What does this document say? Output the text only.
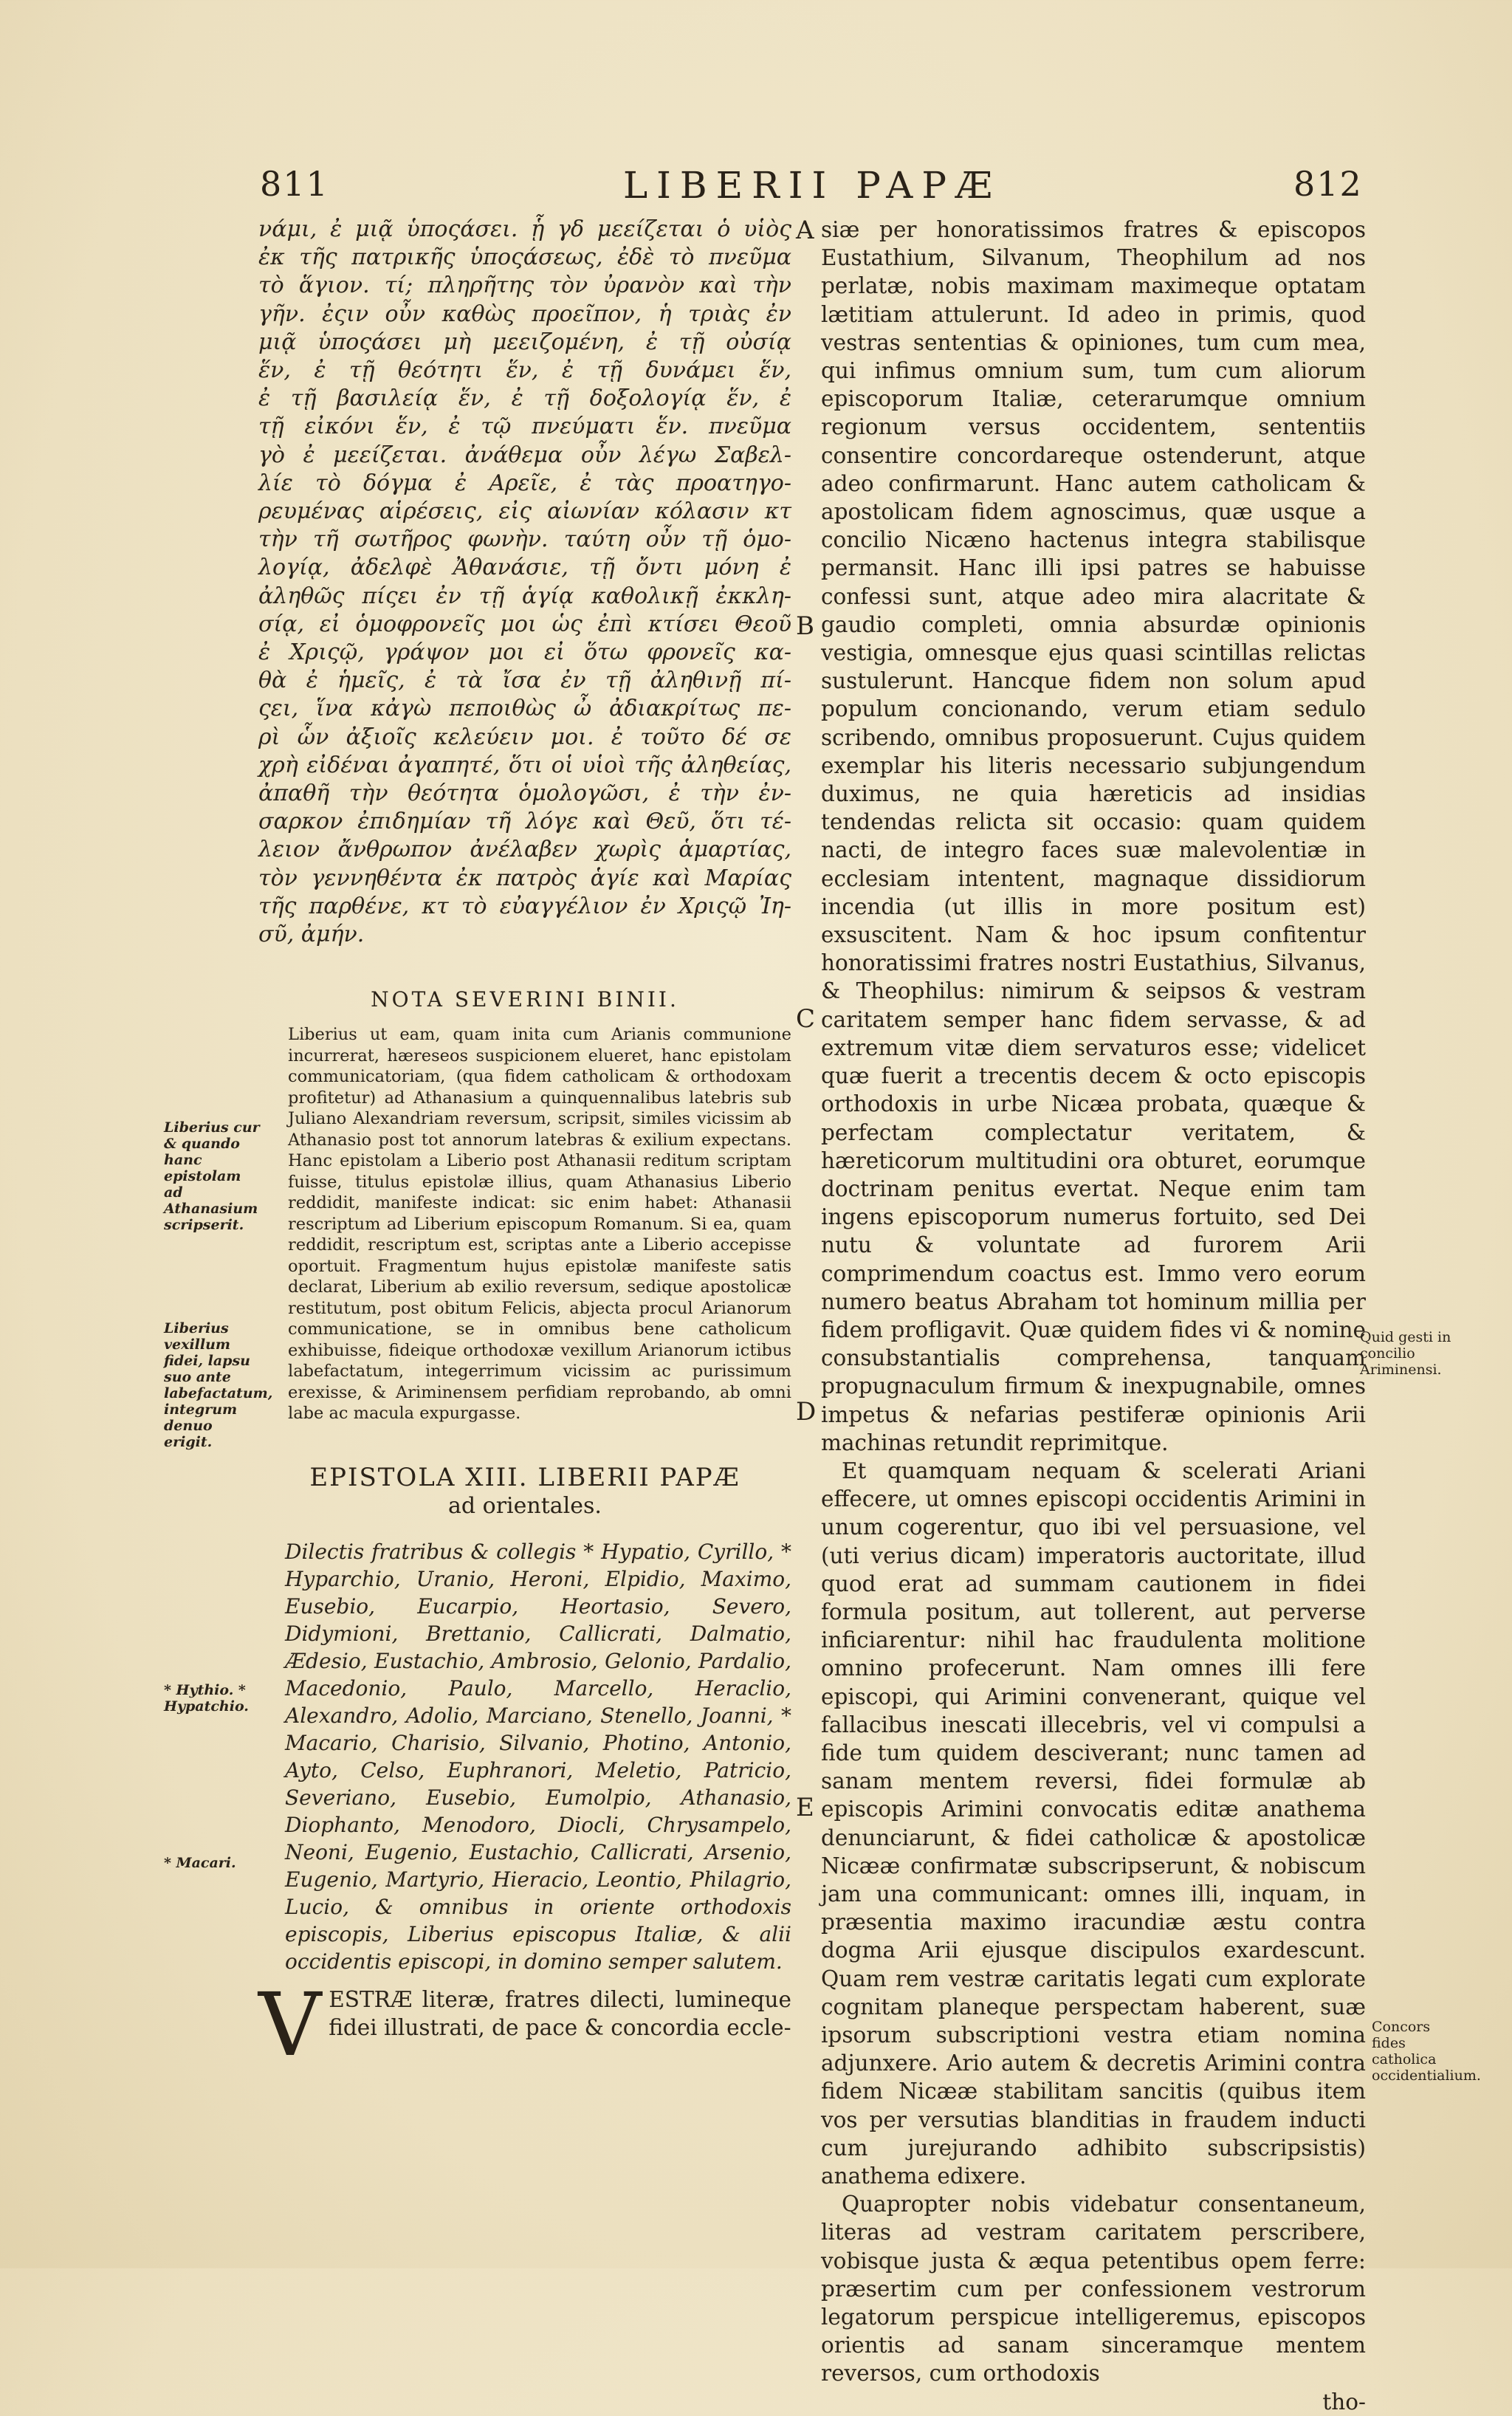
811	LIBERII PAPÆ	812
A
B
C
D
E
Liberius cur & quando hanc epistolam ad Athanasium scripserit.
Liberius vexillum fidei, lapsu suo ante labefactatum, integrum denuo erigit.
* Hythio. * Hypatchio.
* Macari.
Quid gesti in concilio Ariminensi.
Concors fides catholica occidentialium.

νάμι, ἐ μιᾷ ὑποςάσει. ᾗ γδ μεείζεται ὁ υἱὸς

ἐκ τῆς πατρικῆς ὑποςάσεως, ἐδὲ τὸ πνεῦμα

τὸ ἅγιον. τί; πληρῆτης τὸν ὐρανὸν καὶ τὴν

γῆν. ἐςιν οὖν καθὼς προεῖπον, ἡ τριὰς ἐν

μιᾷ ὑποςάσει μὴ μεειζομένη, ἐ τῇ οὐσίᾳ

ἕν, ἐ τῇ θεότητι ἕν, ἐ τῇ δυνάμει ἕν,

ἐ τῇ βασιλείᾳ ἕν, ἐ τῇ δοξολογίᾳ ἕν, ἐ

τῇ εἰκόνι ἕν, ἐ τῷ πνεύματι ἕν. πνεῦμα

γὸ ἐ μεείζεται. ἀνάθεμα οὖν λέγω Σαβελ-

λίε τὸ δόγμα ἐ Αρεῖε, ἐ τὰς προατηγο-

ρευμένας αἱρέσεις, εἰς αἰωνίαν κόλασιν κτ

τὴν τῆ σωτῆρος φωνὴν. ταύτη οὖν τῇ ὁμο-

λογίᾳ, ἀδελφὲ Ἀθανάσιε, τῇ ὄντι μόνη ἐ

ἀληθῶς πίςει ἐν τῇ ἁγίᾳ καθολικῇ ἐκκλη-

σίᾳ, εἰ ὁμοφρονεῖς μοι ὡς ἐπὶ κτίσει Θεοῦ

ἐ Χριςῷ, γράψον μοι εἰ ὅτω φρονεῖς κα-

θὰ ἐ ἡμεῖς, ἐ τὰ ἴσα ἐν τῇ ἀληθινῇ πί-

ςει, ἵνα κἀγὼ πεποιθὼς ὦ ἀδιακρίτως πε-

ρὶ ὧν ἀξιοῖς κελεύειν μοι. ἐ τοῦτο δέ σε

χρὴ εἰδέναι ἀγαπητέ, ὅτι οἱ υἱοὶ τῆς ἀληθείας,

ἀπαθῆ τὴν θεότητα ὁμολογῶσι, ἐ τὴν ἐν-

σαρκον ἐπιδημίαν τῆ λόγε καὶ Θεῦ, ὅτι τέ-

λειον ἄνθρωπον ἀνέλαβεν χωρὶς ἁμαρτίας,

τὸν γεννηθέντα ἐκ πατρὸς ἁγίε καὶ Μαρίας

τῆς παρθένε, κτ τὸ εὐαγγέλιον ἐν Χριςῷ Ἰη-

σῦ, ἀμήν.

NOTA SEVERINI BINII.

Liberius ut eam, quam inita cum Arianis communione incurrerat, hæreseos suspicionem elueret, hanc epistolam communicatoriam, (qua fidem catholicam & orthodoxam profitetur) ad Athanasium a quinquennalibus latebris sub Juliano Alexandriam reversum, scripsit, similes vicissim ab Athanasio post tot annorum latebras & exilium expectans. Hanc epistolam a Liberio post Athanasii reditum scriptam fuisse, titulus epistolæ illius, quam Athanasius Liberio reddidit, manifeste indicat: sic enim habet: Athanasii rescriptum ad Liberium episcopum Romanum. Si ea, quam reddidit, rescriptum est, scriptas ante a Liberio accepisse oportuit. Fragmentum hujus epistolæ manifeste satis declarat, Liberium ab exilio reversum, sedique apostolicæ restitutum, post obitum Felicis, abjecta procul Arianorum communicatione, se in omnibus bene catholicum exhibuisse, fideique orthodoxæ vexillum Arianorum ictibus labefactatum, integerrimum vicissim ac purissimum erexisse, & Ariminensem perfidiam reprobando, ab omni labe ac macula expurgasse.

EPISTOLA XIII. LIBERII PAPÆ
ad orientales.

Dilectis fratribus & collegis * Hypatio, Cyrillo, * Hyparchio, Uranio, Heroni, Elpidio, Maximo, Eusebio, Eucarpio, Heortasio, Severo, Didymioni, Brettanio, Callicrati, Dalmatio, Ædesio, Eustachio, Ambrosio, Gelonio, Pardalio, Macedonio, Paulo, Marcello, Heraclio, Alexandro, Adolio, Marciano, Stenello, Joanni, * Macario, Charisio, Silvanio, Photino, Antonio, Ayto, Celso, Euphranori, Meletio, Patricio, Severiano, Eusebio, Eumolpio, Athanasio, Diophanto, Menodoro, Diocli, Chrysampelo, Neoni, Eugenio, Eustachio, Callicrati, Arsenio, Eugenio, Martyrio, Hieracio, Leontio, Philagrio, Lucio, & omnibus in oriente orthodoxis episcopis, Liberius episcopus Italiæ, & alii occidentis episcopi, in domino semper salutem.

V ESTRÆ literæ, fratres dilecti, lumineque fidei illustrati, de pace & concordia eccle-

siæ per honoratissimos fratres & episcopos Eustathium, Silvanum, Theophilum ad nos perlatæ, nobis maximam maximeque optatam lætitiam attulerunt. Id adeo in primis, quod vestras sententias & opiniones, tum cum mea, qui infimus omnium sum, tum cum aliorum episcoporum Italiæ, ceterarumque omnium regionum versus occidentem, sententiis consentire concordareque ostenderunt, atque adeo confirmarunt. Hanc autem catholicam & apostolicam fidem agnoscimus, quæ usque a concilio Nicæno hactenus integra stabilisque permansit. Hanc illi ipsi patres se habuisse confessi sunt, atque adeo mira alacritate & gaudio completi, omnia absurdæ opinionis vestigia, omnesque ejus quasi scintillas relictas sustulerunt. Hancque fidem non solum apud populum concionando, verum etiam sedulo scribendo, omnibus proposuerunt. Cujus quidem exemplar his literis necessario subjungendum duximus, ne quia hæreticis ad insidias tendendas relicta sit occasio: quam quidem nacti, de integro faces suæ malevolentiæ in ecclesiam intentent, magnaque dissidiorum incendia (ut illis in more positum est) exsuscitent. Nam & hoc ipsum confitentur honoratissimi fratres nostri Eustathius, Silvanus, & Theophilus: nimirum & seipsos & vestram caritatem semper hanc fidem servasse, & ad extremum vitæ diem servaturos esse; videlicet quæ fuerit a trecentis decem & octo episcopis orthodoxis in urbe Nicæa probata, quæque & perfectam complectatur veritatem, & hæreticorum multitudini ora obturet, eorumque doctrinam penitus evertat. Neque enim tam ingens episcoporum numerus fortuito, sed Dei nutu & voluntate ad furorem Arii comprimendum coactus est. Immo vero eorum numero beatus Abraham tot hominum millia per fidem profligavit. Quæ quidem fides vi & nomine consubstantialis comprehensa, tanquam propugnaculum firmum & inexpugnabile, omnes impetus & nefarias pestiferæ opinionis Arii machinas retundit reprimitque.

Et quamquam nequam & scelerati Ariani effecere, ut omnes episcopi occidentis Arimini in unum cogerentur, quo ibi vel persuasione, vel (uti verius dicam) imperatoris auctoritate, illud quod erat ad summam cautionem in fidei formula positum, aut tollerent, aut perverse inficiarentur: nihil hac fraudulenta molitione omnino profecerunt. Nam omnes illi fere episcopi, qui Arimini convenerant, quique vel fallacibus inescati illecebris, vel vi compulsi a fide tum quidem desciverant; nunc tamen ad sanam mentem reversi, fidei formulæ ab episcopis Arimini convocatis editæ anathema denunciarunt, & fidei catholicæ & apostolicæ Nicææ confirmatæ subscripserunt, & nobiscum jam una communicant: omnes illi, inquam, in præsentia maximo iracundiæ æstu contra dogma Arii ejusque discipulos exardescunt. Quam rem vestræ caritatis legati cum explorate cognitam planeque perspectam haberent, suæ ipsorum subscriptioni vestra etiam nomina adjunxere. Ario autem & decretis Arimini contra fidem Nicææ stabilitam sancitis (quibus item vos per versutias blanditias in fraudem inducti cum jurejurando adhibito subscripsistis) anathema edixere.

Quapropter nobis videbatur consentaneum, literas ad vestram caritatem perscribere, vobisque justa & æqua petentibus opem ferre: præsertim cum per confessionem vestrorum legatorum perspicue intelligeremus, episcopos orientis ad sanam sinceramque mentem reversos, cum orthodoxis

tho-
